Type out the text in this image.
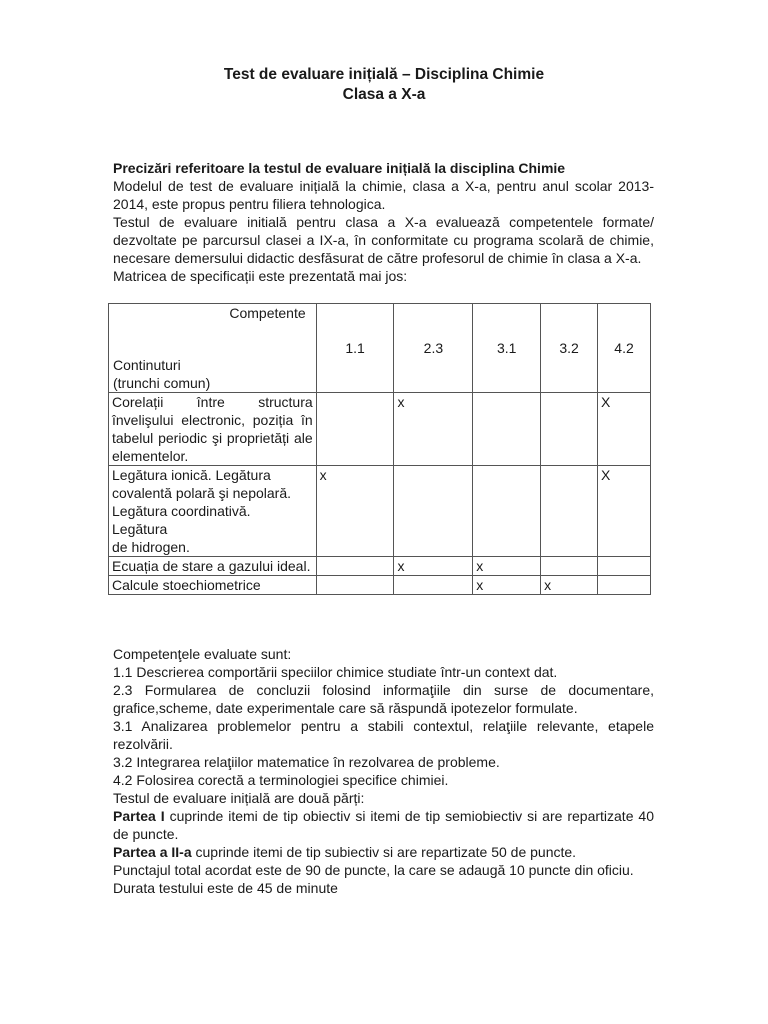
Test de evaluare inițială – Disciplina Chimie
Clasa a X-a
Precizări referitoare la testul de evaluare inițială la disciplina Chimie

Modelul de test de evaluare inițială la chimie, clasa a X-a, pentru anul scolar 2013-2014, este propus pentru filiera tehnologica.

Testul de evaluare initială pentru clasa a X-a evaluează competentele formate/ dezvoltate pe parcursul clasei a IX-a, în conformitate cu programa scolară de chimie, necesare demersului didactic desfăsurat de către profesorul de chimie în clasa a X-a.

Matricea de specificații este prezentată mai jos:

Competente
Continuturi
(trunchi comun)	1.1	2.3	3.1	3.2	4.2
Corelații între structura învelişului electronic, poziția în tabelul periodic şi proprietăți ale elementelor.		x			X

Legătura ionică. Legătura
covalentă polară şi nepolară.
Legătura coordinativă.
Legătura
de hidrogen.	x				X
Ecuația de stare a gazului ideal.		x	x		
Calcule stoechiometrice			x	x	

Competenţele evaluate sunt:

1.1 Descrierea comportării speciilor chimice studiate într-un context dat.

2.3 Formularea de concluzii folosind informaţiile din surse de documentare, grafice,scheme, date experimentale care să răspundă ipotezelor formulate.

3.1 Analizarea problemelor pentru a stabili contextul, relaţiile relevante, etapele rezolvării.

3.2 Integrarea relaţiilor matematice în rezolvarea de probleme.

4.2 Folosirea corectă a terminologiei specifice chimiei.

Testul de evaluare inițială are două părți:

Partea I cuprinde itemi de tip obiectiv si itemi de tip semiobiectiv si are repartizate 40 de puncte.

Partea a II-a cuprinde itemi de tip subiectiv si are repartizate 50 de puncte.

Punctajul total acordat este de 90 de puncte, la care se adaugă 10 puncte din oficiu.

Durata testului este de 45 de minute
